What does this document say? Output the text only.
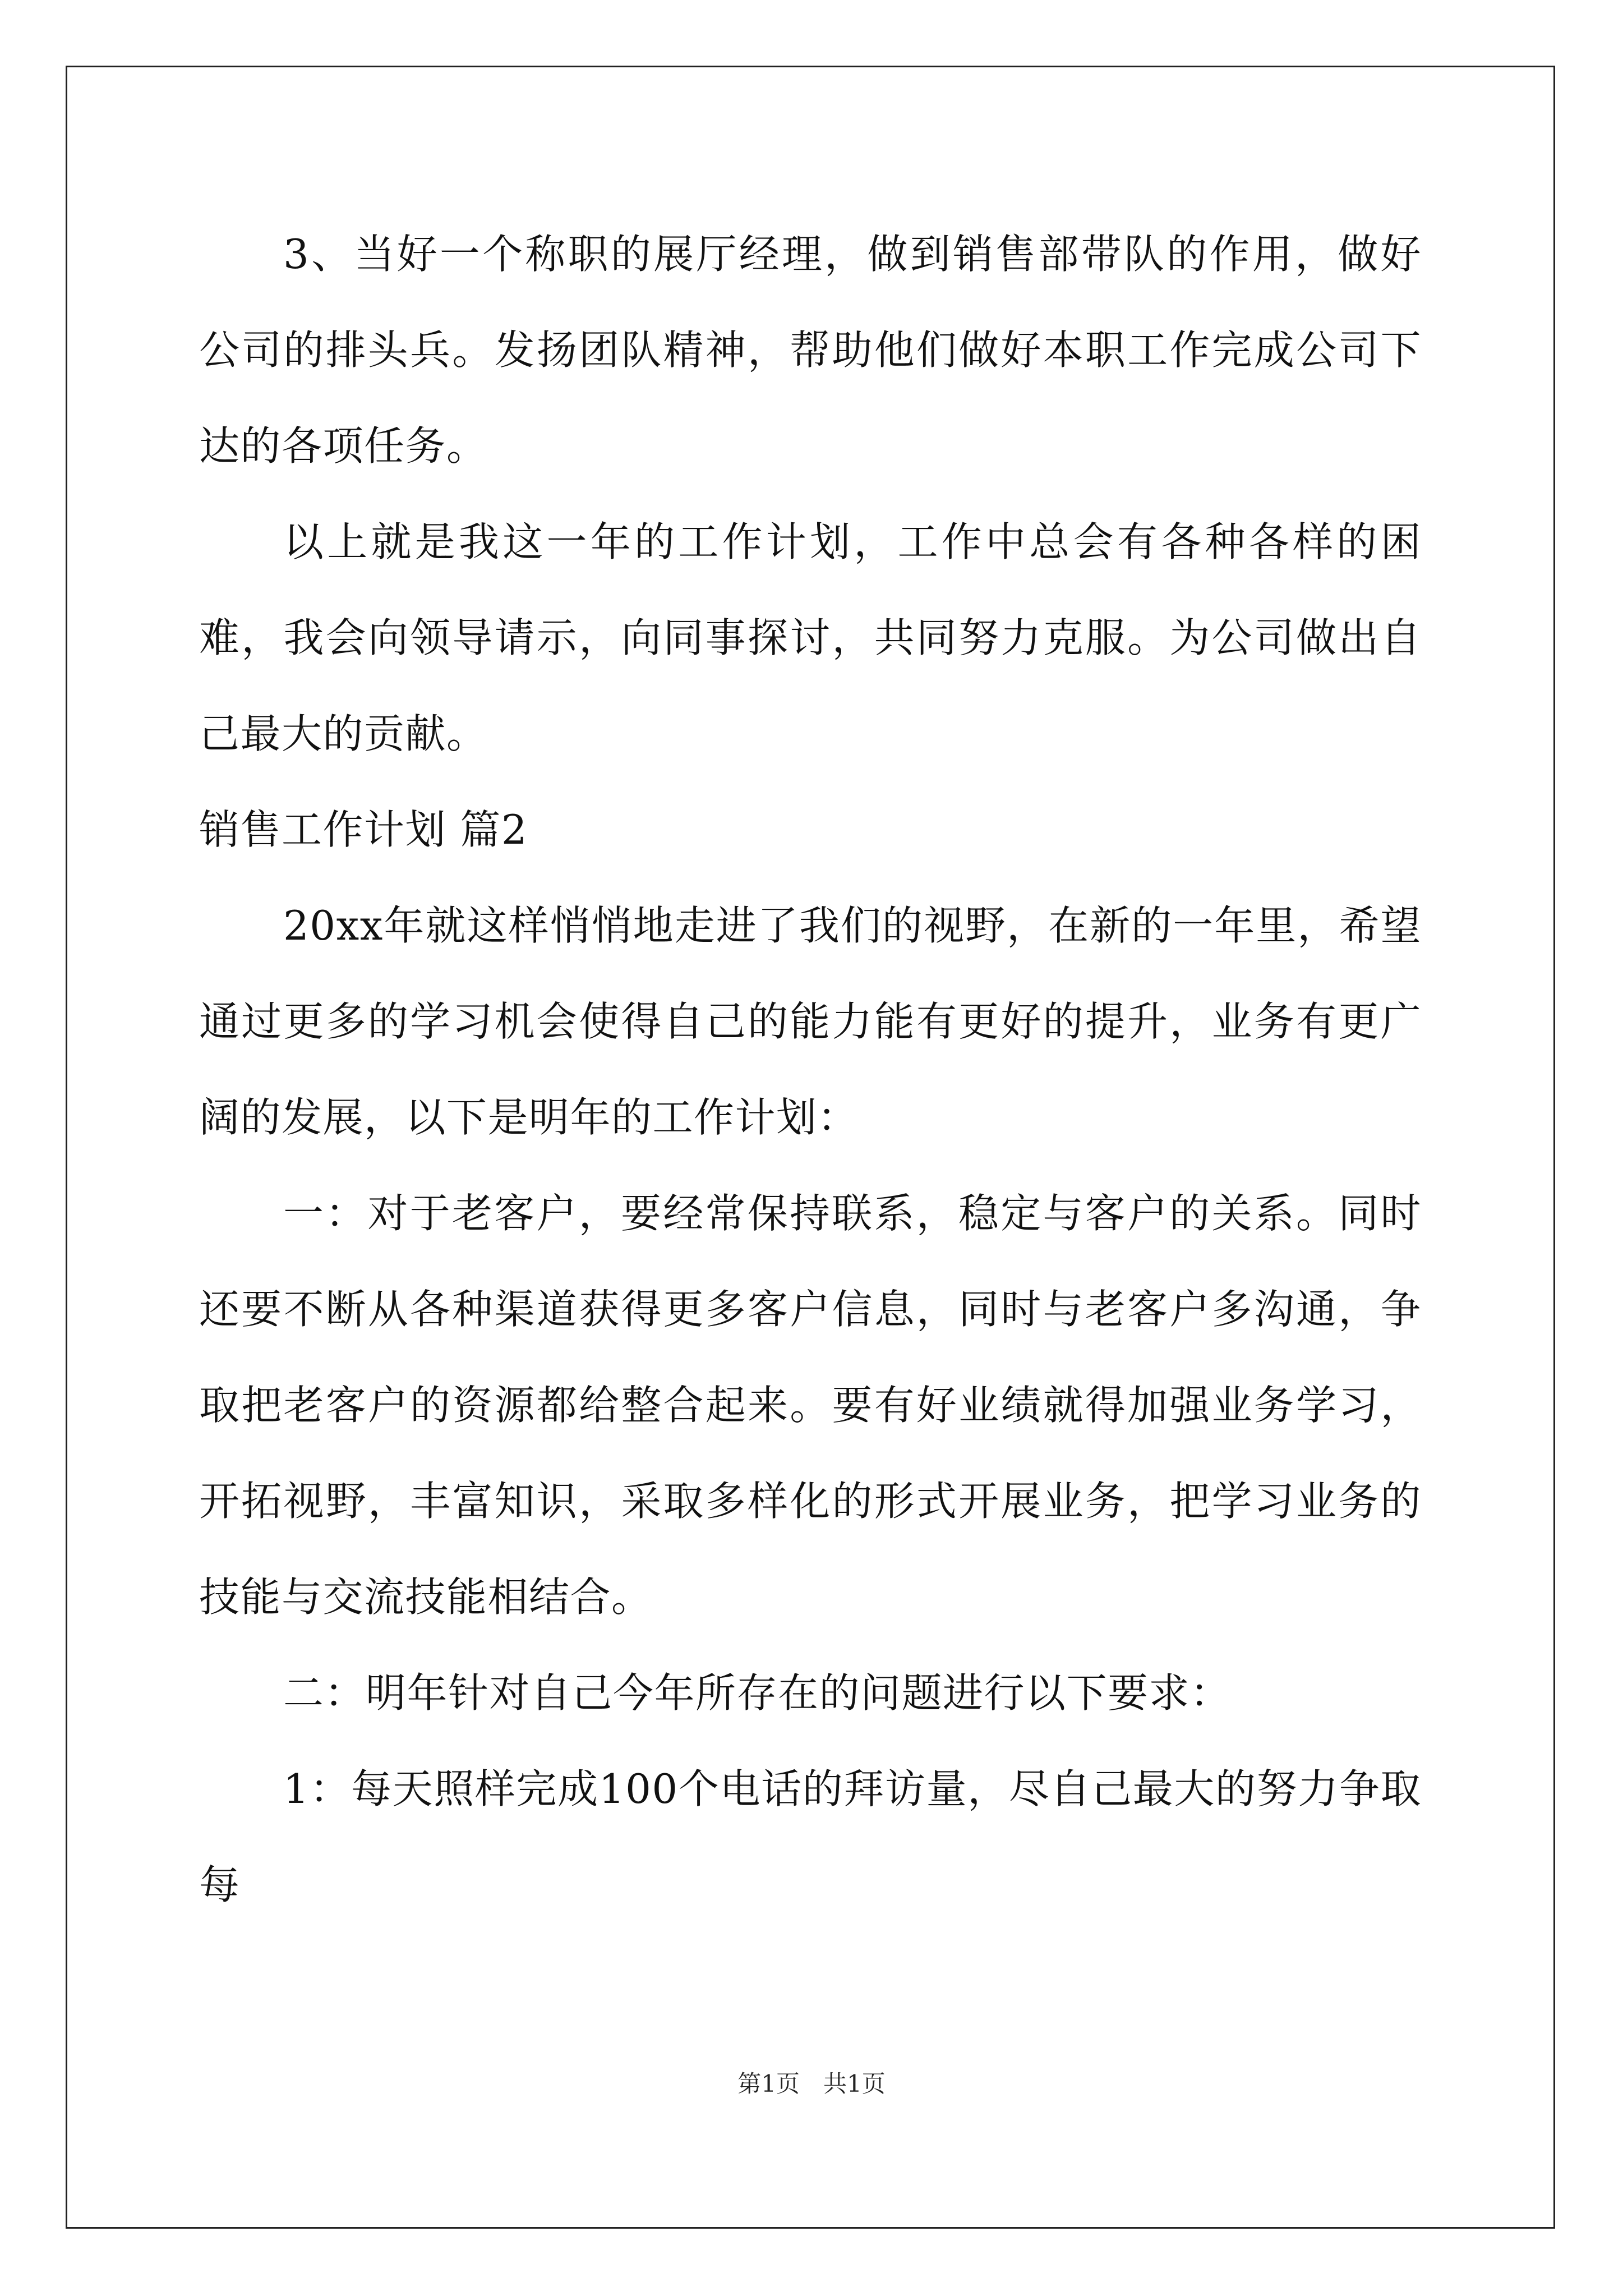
3、当好一个称职的展厅经理，做到销售部带队的作用，做好公司的排头兵。发扬团队精神，帮助他们做好本职工作完成公司下达的各项任务。

以上就是我这一年的工作计划，工作中总会有各种各样的困难，我会向领导请示，向同事探讨，共同努力克服。为公司做出自己最大的贡献。

销售工作计划 篇2

20xx年就这样悄悄地走进了我们的视野，在新的一年里，希望通过更多的学习机会使得自己的能力能有更好的提升，业务有更广阔的发展，以下是明年的工作计划：

一：对于老客户，要经常保持联系，稳定与客户的关系。同时还要不断从各种渠道获得更多客户信息，同时与老客户多沟通，争取把老客户的资源都给整合起来。要有好业绩就得加强业务学习，开拓视野，丰富知识，采取多样化的形式开展业务，把学习业务的技能与交流技能相结合。

二：明年针对自己今年所存在的问题进行以下要求：

1：每天照样完成100个电话的拜访量，尽自己最大的努力争取每

第1页 共1页
